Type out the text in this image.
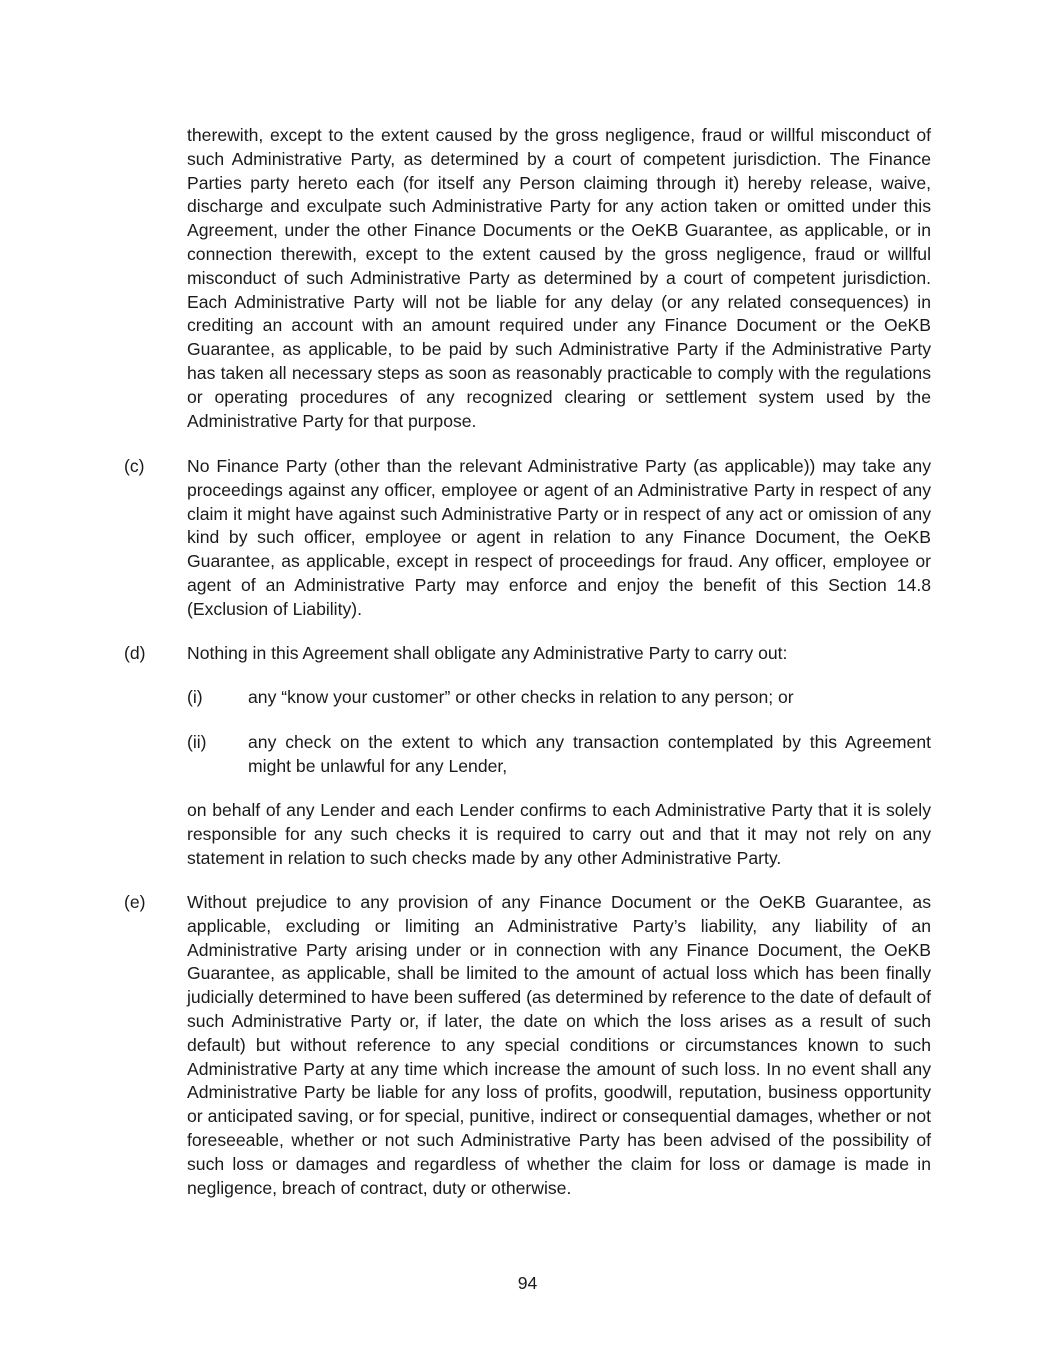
therewith, except to the extent caused by the gross negligence, fraud or willful misconduct of such Administrative Party, as determined by a court of competent jurisdiction. The Finance Parties party hereto each (for itself any Person claiming through it) hereby release, waive, discharge and exculpate such Administrative Party for any action taken or omitted under this Agreement, under the other Finance Documents or the OeKB Guarantee, as applicable, or in connection therewith, except to the extent caused by the gross negligence, fraud or willful misconduct of such Administrative Party as determined by a court of competent jurisdiction. Each Administrative Party will not be liable for any delay (or any related consequences) in crediting an account with an amount required under any Finance Document or the OeKB Guarantee, as applicable, to be paid by such Administrative Party if the Administrative Party has taken all necessary steps as soon as reasonably practicable to comply with the regulations or operating procedures of any recognized clearing or settlement system used by the Administrative Party for that purpose.

(c) No Finance Party (other than the relevant Administrative Party (as applicable)) may take any proceedings against any officer, employee or agent of an Administrative Party in respect of any claim it might have against such Administrative Party or in respect of any act or omission of any kind by such officer, employee or agent in relation to any Finance Document, the OeKB Guarantee, as applicable, except in respect of proceedings for fraud. Any officer, employee or agent of an Administrative Party may enforce and enjoy the benefit of this Section 14.8 (Exclusion of Liability).

(d) Nothing in this Agreement shall obligate any Administrative Party to carry out:

(i)	any “know your customer” or other checks in relation to any person; or

(ii) any check on the extent to which any transaction contemplated by this Agreement might be unlawful for any Lender,

on behalf of any Lender and each Lender confirms to each Administrative Party that it is solely responsible for any such checks it is required to carry out and that it may not rely on any statement in relation to such checks made by any other Administrative Party.

(e) Without prejudice to any provision of any Finance Document or the OeKB Guarantee, as applicable, excluding or limiting an Administrative Party’s liability, any liability of an Administrative Party arising under or in connection with any Finance Document, the OeKB Guarantee, as applicable, shall be limited to the amount of actual loss which has been finally judicially determined to have been suffered (as determined by reference to the date of default of such Administrative Party or, if later, the date on which the loss arises as a result of such default) but without reference to any special conditions or circumstances known to such Administrative Party at any time which increase the amount of such loss. In no event shall any Administrative Party be liable for any loss of profits, goodwill, reputation, business opportunity or anticipated saving, or for special, punitive, indirect or consequential damages, whether or not foreseeable, whether or not such Administrative Party has been advised of the possibility of such loss or damages and regardless of whether the claim for loss or damage is made in negligence, breach of contract, duty or otherwise.

94
